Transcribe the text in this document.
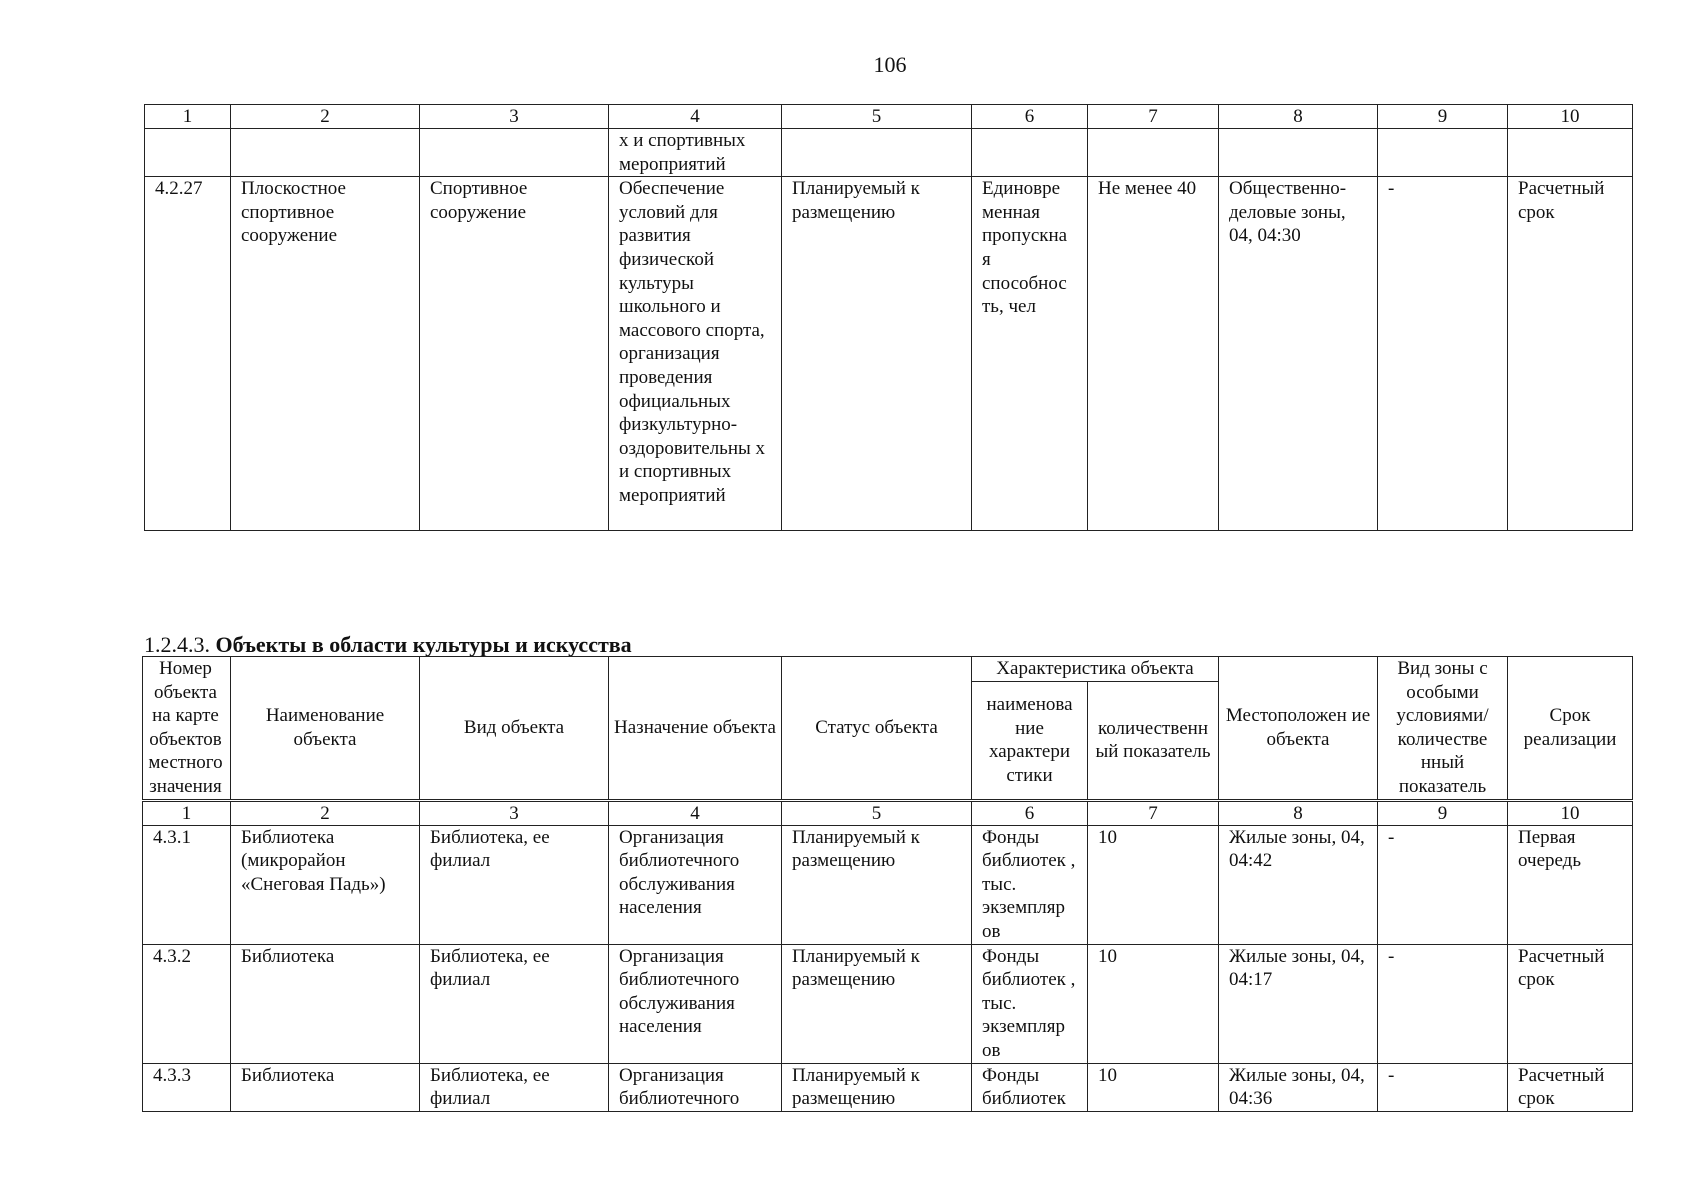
106
1	2	3	4	5	6	7	8	9	10
			х и спортивных мероприятий						
4.2.27	Плоскостное спортивное сооружение	Спортивное сооружение	Обеспечение условий для развития физической культуры школьного и массового спорта, организация проведения официальных физкультурно-оздоровительны х и спортивных мероприятий	Планируемый к размещению	Единовре менная пропускна я способнос ть, чел	Не менее 40	Общественно-деловые зоны, 04, 04:30	-	Расчетный срок
1.2.4.3. Объекты в области культуры и искусства
Номер объекта на карте объектов местного значения	Наименование объекта	Вид объекта	Назначение объекта	Статус объекта	Характеристика объекта		Местоположен ие объекта	Вид зоны с особыми условиями/ количестве нный показатель	Срок реализации
					наименова ние характери стики	количественн ый показатель			
1	2	3	4	5	6	7	8	9	10
4.3.1	Библиотека (микрорайон «Снеговая Падь»)	Библиотека, ее филиал	Организация библиотечного обслуживания населения	Планируемый к размещению	Фонды библиотек , тыс. экземпляр ов	10	Жилые зоны, 04, 04:42	-	Первая очередь
4.3.2	Библиотека	Библиотека, ее филиал	Организация библиотечного обслуживания населения	Планируемый к размещению	Фонды библиотек , тыс. экземпляр ов	10	Жилые зоны, 04, 04:17	-	Расчетный срок
4.3.3	Библиотека	Библиотека, ее филиал	Организация библиотечного	Планируемый к размещению	Фонды библиотек	10	Жилые зоны, 04, 04:36	-	Расчетный срок
